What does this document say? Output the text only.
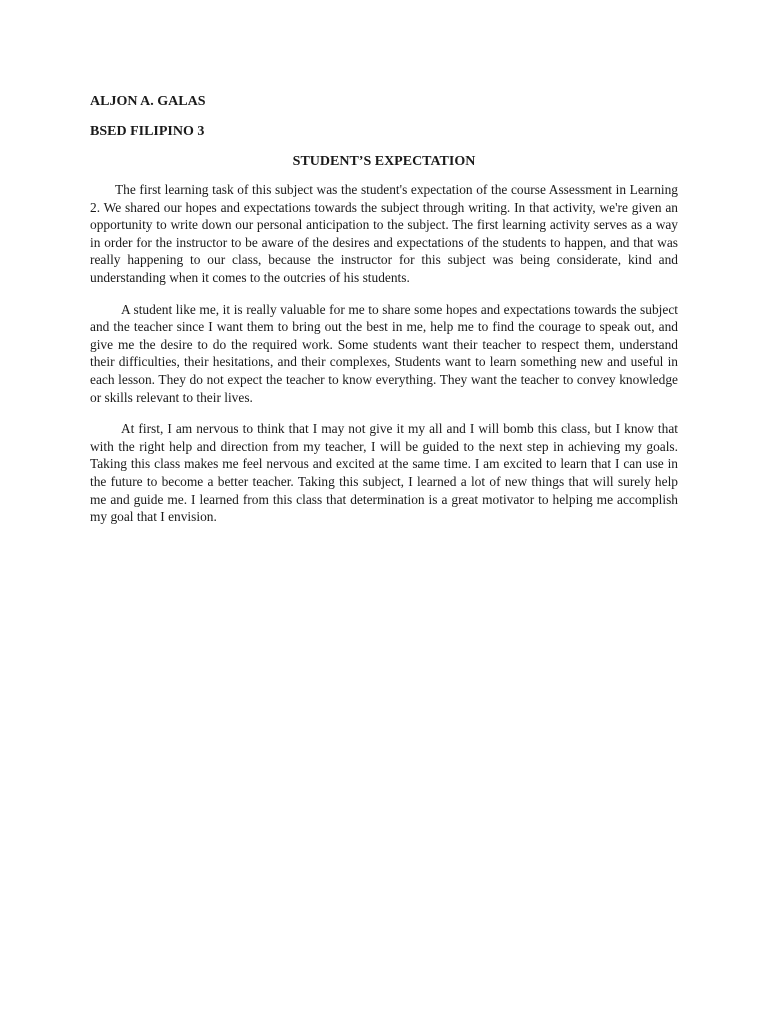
ALJON A. GALAS

BSED FILIPINO 3

STUDENT’S EXPECTATION

The first learning task of this subject was the student's expectation of the course Assessment in Learning 2. We shared our hopes and expectations towards the subject through writing. In that activity, we're given an opportunity to write down our personal anticipation to the subject. The first learning activity serves as a way in order for the instructor to be aware of the desires and expectations of the students to happen, and that was really happening to our class, because the instructor for this subject was being considerate, kind and understanding when it comes to the outcries of his students.

A student like me, it is really valuable for me to share some hopes and expectations towards the subject and the teacher since I want them to bring out the best in me, help me to find the courage to speak out, and give me the desire to do the required work. Some students want their teacher to respect them, understand their difficulties, their hesitations, and their complexes, Students want to learn something new and useful in each lesson. They do not expect the teacher to know everything. They want the teacher to convey knowledge or skills relevant to their lives.

At first, I am nervous to think that I may not give it my all and I will bomb this class, but I know that with the right help and direction from my teacher, I will be guided to the next step in achieving my goals. Taking this class makes me feel nervous and excited at the same time. I am excited to learn that I can use in the future to become a better teacher. Taking this subject, I learned a lot of new things that will surely help me and guide me. I learned from this class that determination is a great motivator to helping me accomplish my goal that I envision.
